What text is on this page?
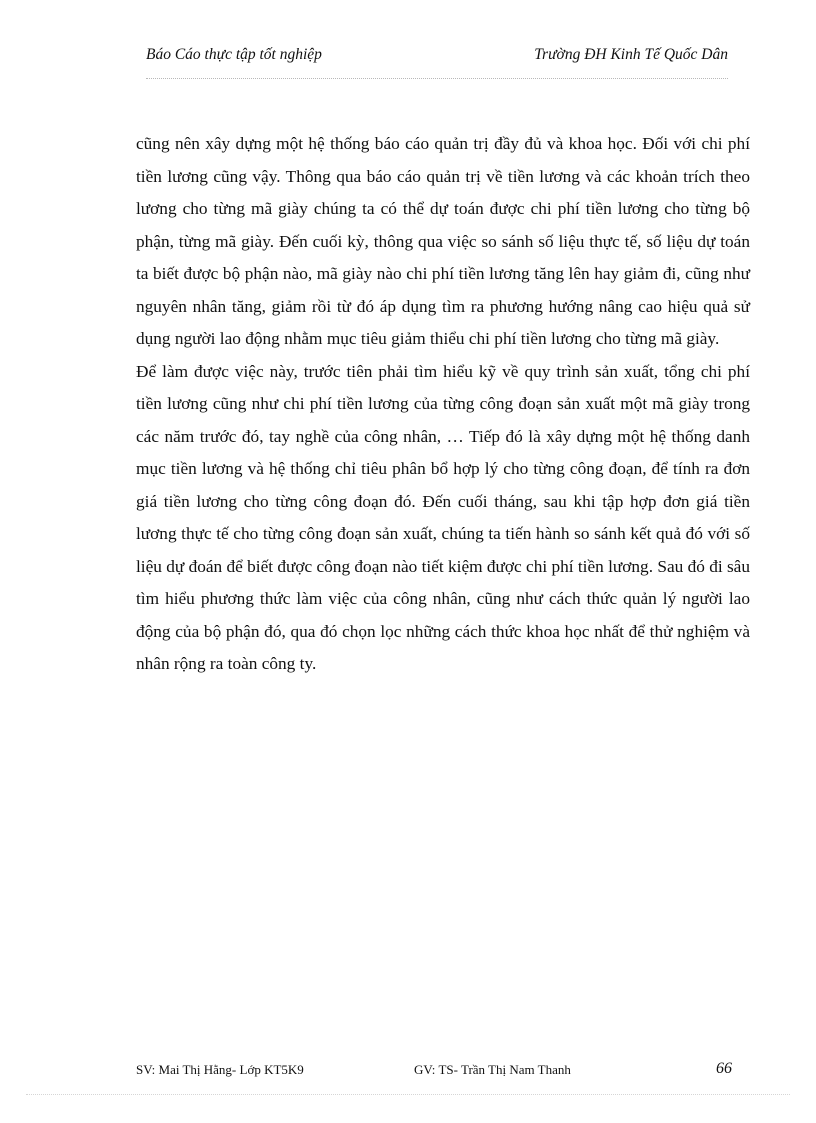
Báo Cáo thực tập tốt nghiệp	Trường ĐH Kinh Tế Quốc Dân

cũng nên xây dựng một hệ thống báo cáo quản trị đầy đủ và khoa học. Đối với chi phí tiền lương cũng vậy. Thông qua báo cáo quản trị về tiền lương và các khoản trích theo lương cho từng mã giày chúng ta có thể dự toán được chi phí tiền lương cho từng bộ phận, từng mã giày. Đến cuối kỳ, thông qua việc so sánh số liệu thực tế, số liệu dự toán ta biết được bộ phận nào, mã giày nào chi phí tiền lương tăng lên hay giảm đi, cũng như nguyên nhân tăng, giảm rồi từ đó áp dụng tìm ra phương hướng nâng cao hiệu quả sử dụng người lao động nhằm mục tiêu giảm thiểu chi phí tiền lương cho từng mã giày.

Để làm được việc này, trước tiên phải tìm hiểu kỹ về quy trình sản xuất, tổng chi phí tiền lương cũng như chi phí tiền lương của từng công đoạn sản xuất một mã giày trong các năm trước đó, tay nghề của công nhân, … Tiếp đó là xây dựng một hệ thống danh mục tiền lương và hệ thống chỉ tiêu phân bổ hợp lý cho từng công đoạn, để tính ra đơn giá tiền lương cho từng công đoạn đó. Đến cuối tháng, sau khi tập hợp đơn giá tiền lương thực tế cho từng công đoạn sản xuất, chúng ta tiến hành so sánh kết quả đó với số liệu dự đoán để biết được công đoạn nào tiết kiệm được chi phí tiền lương. Sau đó đi sâu tìm hiểu phương thức làm việc của công nhân, cũng như cách thức quản lý người lao động của bộ phận đó, qua đó chọn lọc những cách thức khoa học nhất để thử nghiệm và nhân rộng ra toàn công ty.

SV: Mai Thị Hằng- Lớp KT5K9	GV: TS- Trần Thị Nam Thanh	66
